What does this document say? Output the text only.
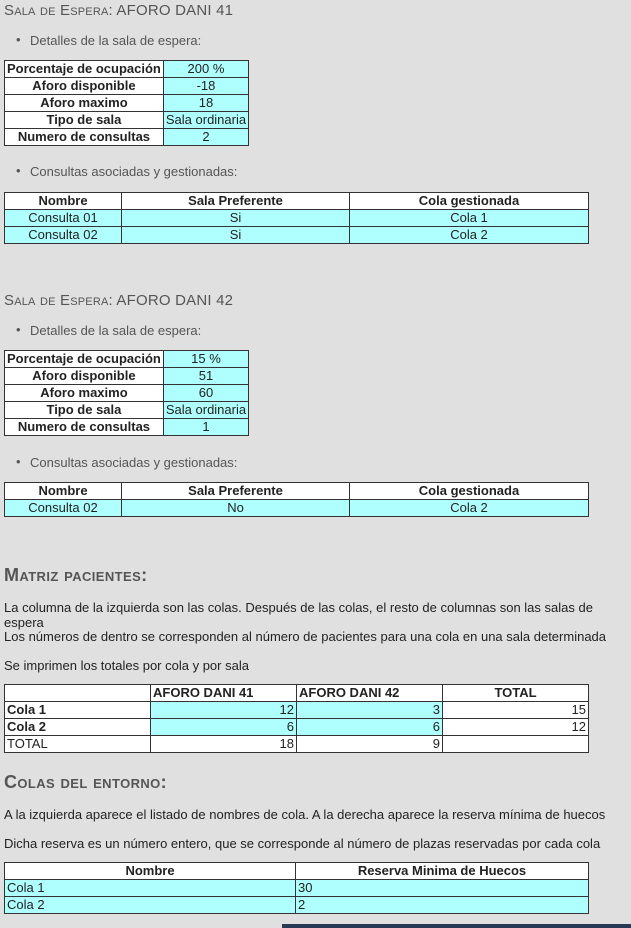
Sala de Espera: AFORO DANI 41

• Detalles de la sala de espera:

Porcentaje de ocupación	200 %
Aforo disponible	-18
Aforo maximo	18
Tipo de sala	Sala ordinaria
Numero de consultas	2

• Consultas asociadas y gestionadas:

Nombre	Sala Preferente	Cola gestionada
Consulta 01	Si	Cola 1
Consulta 02	Si	Cola 2
Sala de Espera: AFORO DANI 42

• Detalles de la sala de espera:

Porcentaje de ocupación	15 %
Aforo disponible	51
Aforo maximo	60
Tipo de sala	Sala ordinaria
Numero de consultas	1

• Consultas asociadas y gestionadas:

Nombre	Sala Preferente	Cola gestionada
Consulta 02	No	Cola 2
Matriz pacientes:

La columna de la izquierda son las colas. Después de las colas, el resto de columnas son las salas de espera

Los números de dentro se corresponden al número de pacientes para una cola en una sala determinada

Se imprimen los totales por cola y por sala

	AFORO DANI 41	AFORO DANI 42	TOTAL
Cola 1	12	3	15
Cola 2	6	6	12
TOTAL	18	9	
Colas del entorno:

A la izquierda aparece el listado de nombres de cola. A la derecha aparece la reserva mínima de huecos

Dicha reserva es un número entero, que se corresponde al número de plazas reservadas por cada cola

Nombre	Reserva Minima de Huecos
Cola 1	30
Cola 2	2
